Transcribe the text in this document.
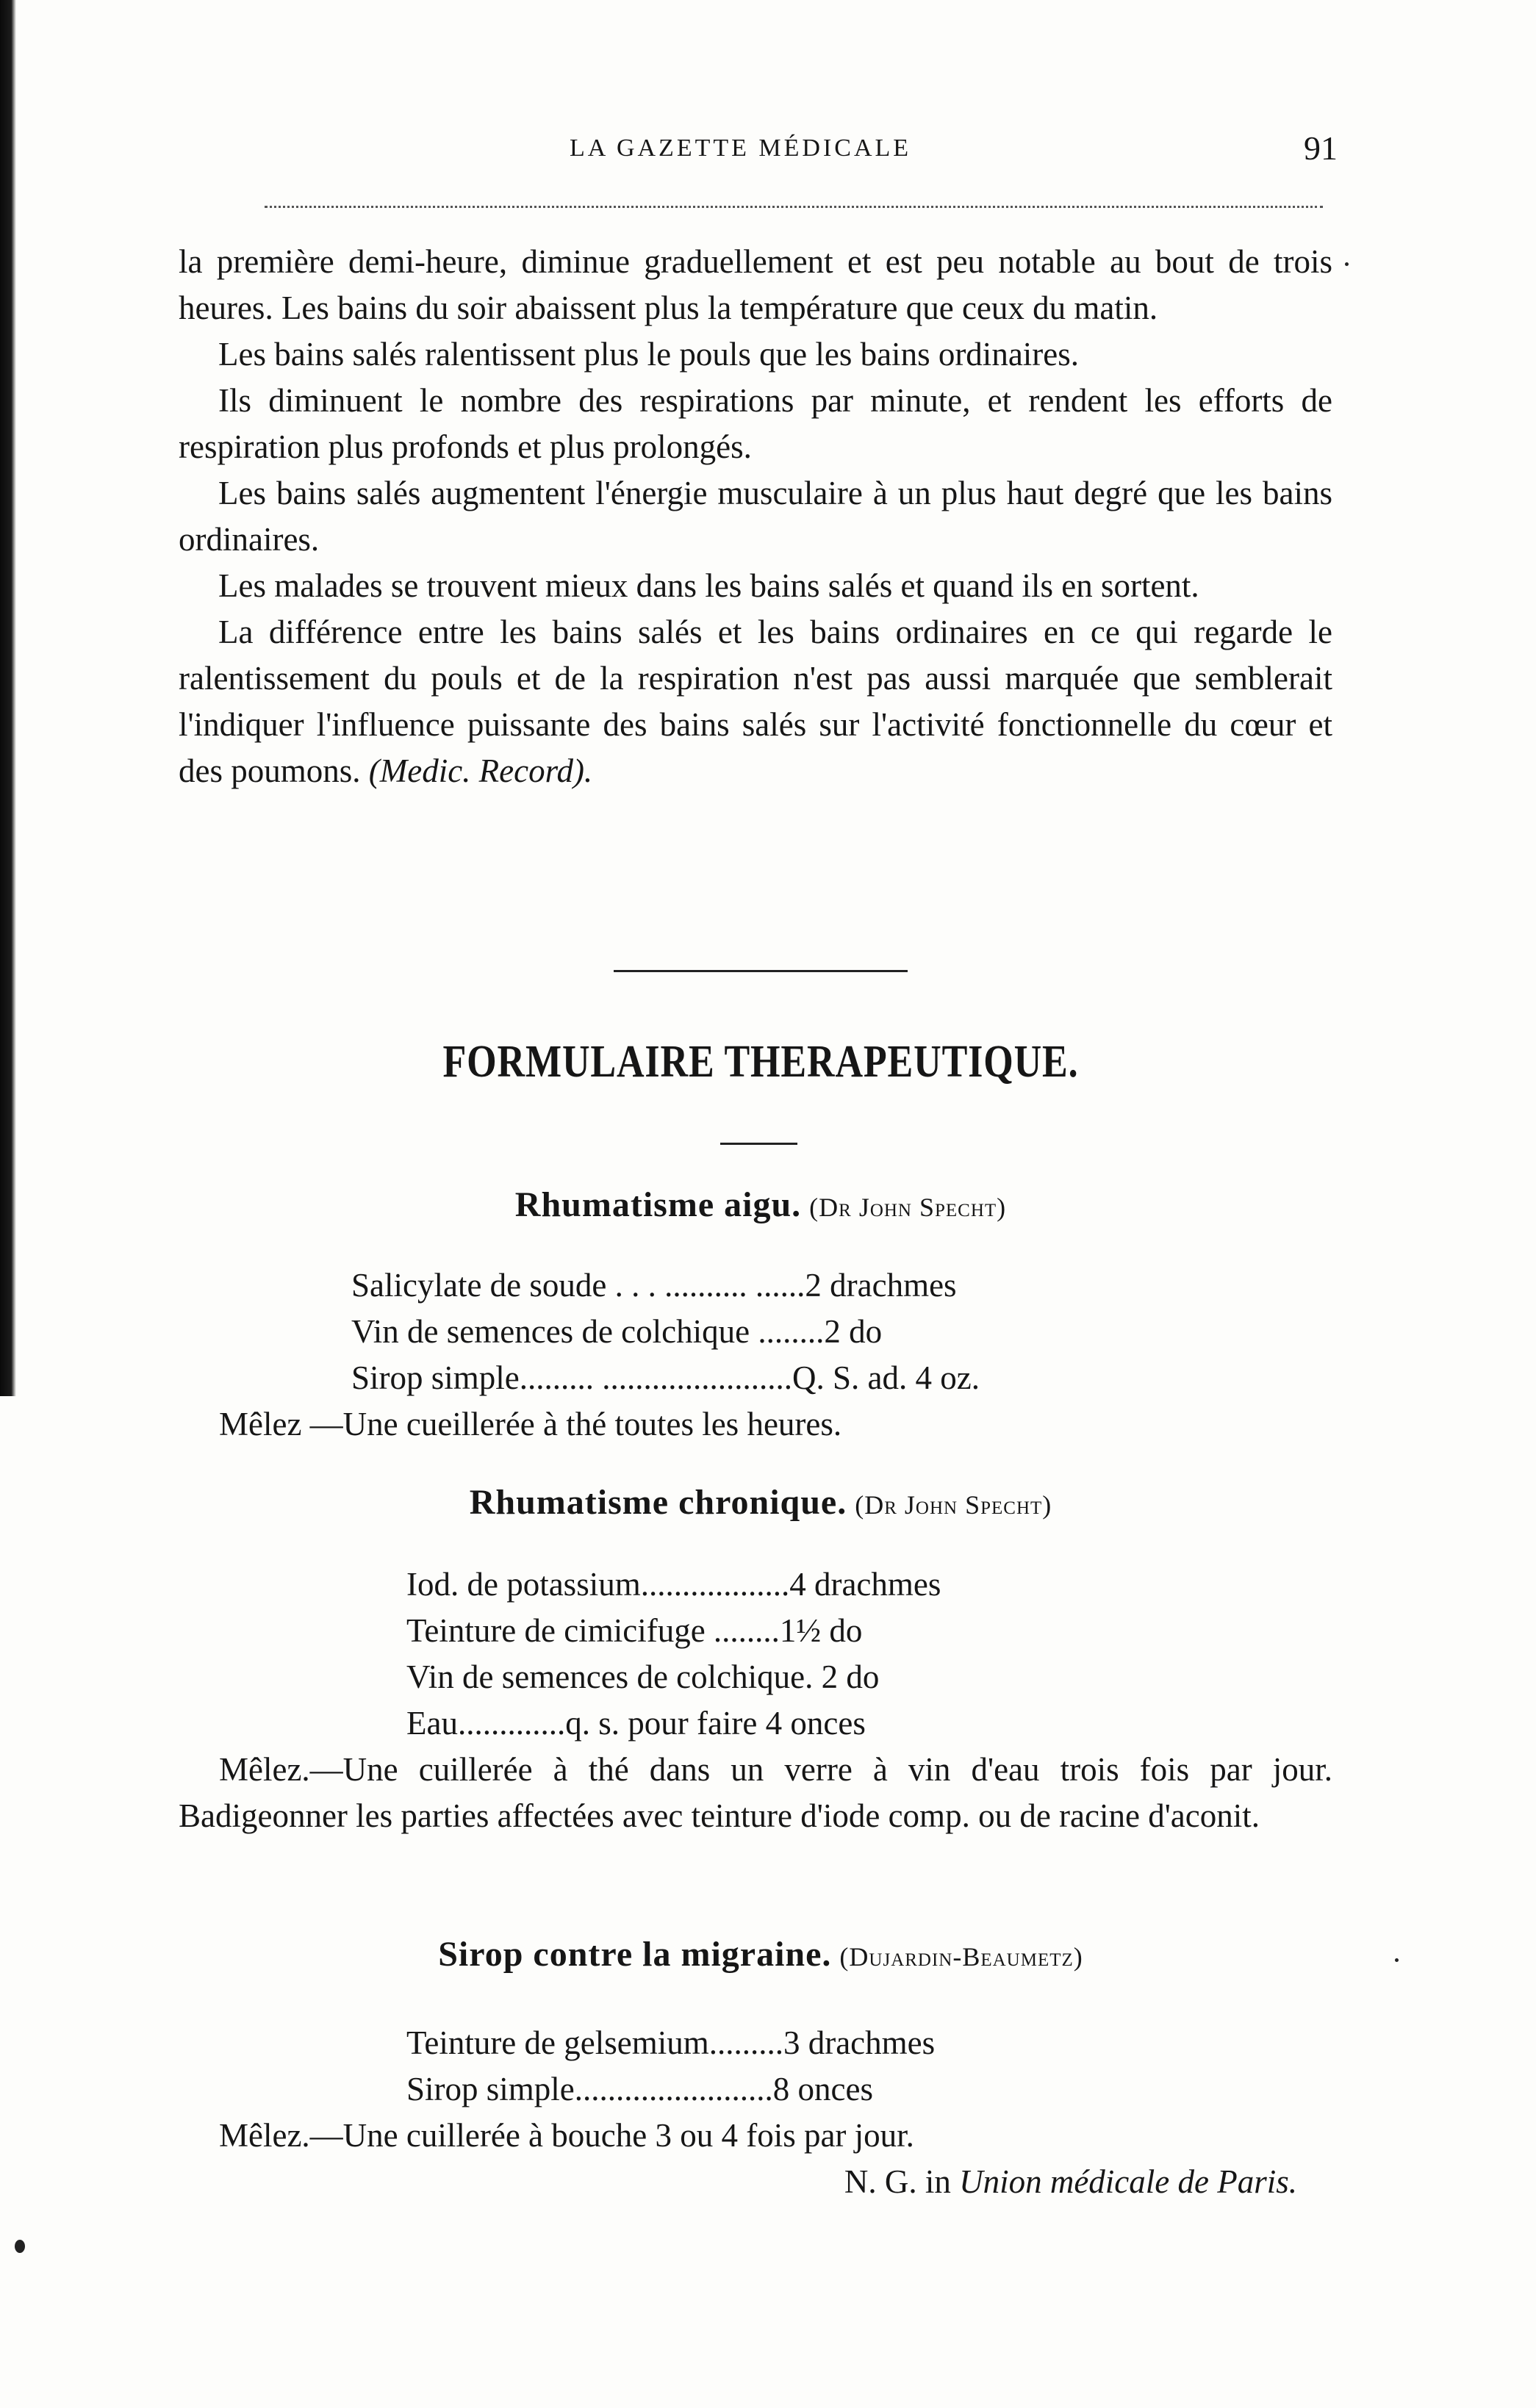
LA GAZETTE MÉDICALE	91

la première demi-heure, diminue graduellement et est peu notable au bout de trois heures. Les bains du soir abaissent plus la température que ceux du matin.

Les bains salés ralentissent plus le pouls que les bains ordinaires.

Ils diminuent le nombre des respirations par minute, et rendent les efforts de respiration plus profonds et plus prolongés.

Les bains salés augmentent l'énergie musculaire à un plus haut degré que les bains ordinaires.

Les malades se trouvent mieux dans les bains salés et quand ils en sortent.

La différence entre les bains salés et les bains ordinaires en ce qui regarde le ralentissement du pouls et de la respiration n'est pas aussi marquée que semblerait l'indiquer l'influence puissante des bains salés sur l'activité fonctionnelle du cœur et des poumons. (Medic. Record).

FORMULAIRE THERAPEUTIQUE.
Rhumatisme aigu. (Dr John Specht)
Salicylate de soude . . . .......... ......2 drachmes
Vin de semences de colchique ........2 do
Sirop simple......... .......................Q. S. ad. 4 oz.
Mêlez —Une cueillerée à thé toutes les heures.
Rhumatisme chronique. (Dr John Specht)
Iod. de potassium..................4 drachmes
Teinture de cimicifuge ........1½ do
Vin de semences de colchique. 2 do
Eau.............q. s. pour faire 4 onces
Mêlez.—Une cuillerée à thé dans un verre à vin d'eau trois fois par jour. Badigeonner les parties affectées avec teinture d'iode comp. ou de racine d'aconit.
Sirop contre la migraine. (Dujardin-Beaumetz)
Teinture de gelsemium.........3 drachmes
Sirop simple........................8 onces
Mêlez.—Une cuillerée à bouche 3 ou 4 fois par jour.
N. G. in Union médicale de Paris.
